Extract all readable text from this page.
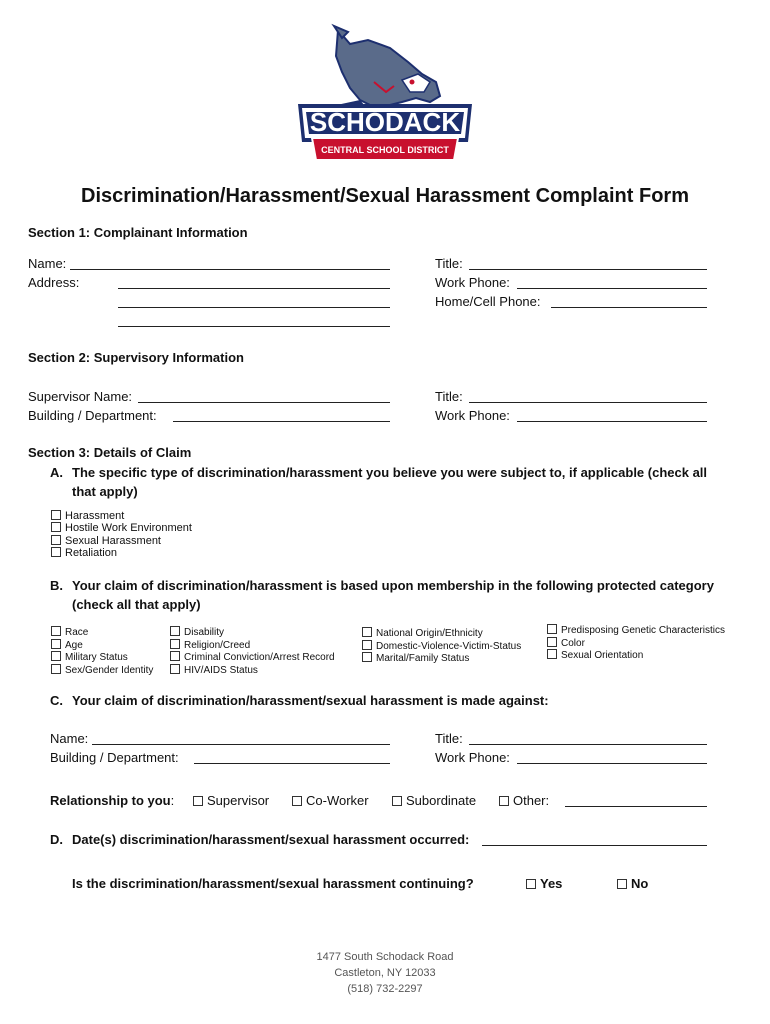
SCHODACK
CENTRAL SCHOOL DISTRICT
Discrimination/Harassment/Sexual Harassment Complaint Form
Section 1: Complainant Information
Name:
Address:
Title:
Work Phone:
Home/Cell Phone:
Section 2: Supervisory Information
Supervisor Name:
Building / Department:
Title:
Work Phone:
Section 3: Details of Claim
A. The specific type of discrimination/harassment you believe you were subject to, if applicable (check all
that apply)
Harassment
Hostile Work Environment
Sexual Harassment
Retaliation
B. Your claim of discrimination/harassment is based upon membership in the following protected category
(check all that apply)
Race
Age
Military Status
Sex/Gender Identity
Disability
Religion/Creed
Criminal Conviction/Arrest Record
HIV/AIDS Status
National Origin/Ethnicity
Domestic-Violence-Victim-Status
Marital/Family Status
Predisposing Genetic Characteristics
Color
Sexual Orientation
C. Your claim of discrimination/harassment/sexual harassment is made against:
Name:
Building / Department:
Title:
Work Phone:
Relationship to you:	Supervisor	Co-Worker	Subordinate	Other:
D. Date(s) discrimination/harassment/sexual harassment occurred:
Is the discrimination/harassment/sexual harassment continuing?	Yes	No
1477 South Schodack Road
Castleton, NY 12033
(518) 732-2297
